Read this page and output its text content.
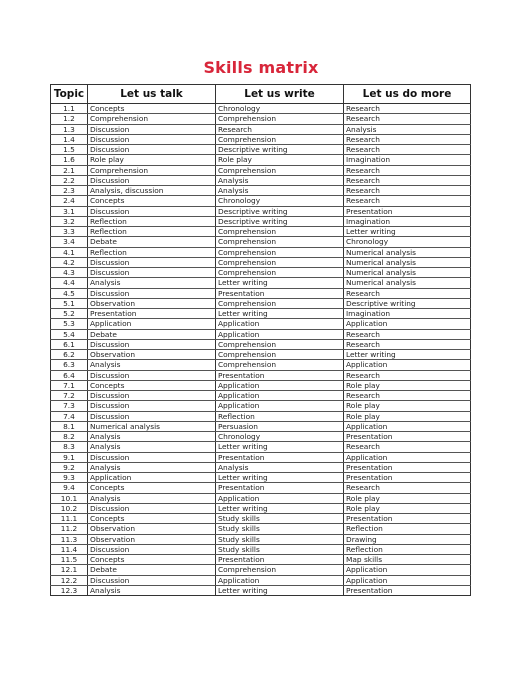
Skills matrix
Topic	Let us talk	Let us write	Let us do more
1.1	Concepts	Chronology	Research
1.2	Comprehension	Comprehension	Research
1.3	Discussion	Research	Analysis
1.4	Discussion	Comprehension	Research
1.5	Discussion	Descriptive writing	Research
1.6	Role play	Role play	Imagination
2.1	Comprehension	Comprehension	Research
2.2	Discussion	Analysis	Research
2.3	Analysis, discussion	Analysis	Research
2.4	Concepts	Chronology	Research
3.1	Discussion	Descriptive writing	Presentation
3.2	Reflection	Descriptive writing	Imagination
3.3	Reflection	Comprehension	Letter writing
3.4	Debate	Comprehension	Chronology
4.1	Reflection	Comprehension	Numerical analysis
4.2	Discussion	Comprehension	Numerical analysis
4.3	Discussion	Comprehension	Numerical analysis
4.4	Analysis	Letter writing	Numerical analysis
4.5	Discussion	Presentation	Research
5.1	Observation	Comprehension	Descriptive writing
5.2	Presentation	Letter writing	Imagination
5.3	Application	Application	Application
5.4	Debate	Application	Research
6.1	Discussion	Comprehension	Research
6.2	Observation	Comprehension	Letter writing
6.3	Analysis	Comprehension	Application
6.4	Discussion	Presentation	Research
7.1	Concepts	Application	Role play
7.2	Discussion	Application	Research
7.3	Discussion	Application	Role play
7.4	Discussion	Reflection	Role play
8.1	Numerical analysis	Persuasion	Application
8.2	Analysis	Chronology	Presentation
8.3	Analysis	Letter writing	Research
9.1	Discussion	Presentation	Application
9.2	Analysis	Analysis	Presentation
9.3	Application	Letter writing	Presentation
9.4	Concepts	Presentation	Research
10.1	Analysis	Application	Role play
10.2	Discussion	Letter writing	Role play
11.1	Concepts	Study skills	Presentation
11.2	Observation	Study skills	Reflection
11.3	Observation	Study skills	Drawing
11.4	Discussion	Study skills	Reflection
11.5	Concepts	Presentation	Map skills
12.1	Debate	Comprehension	Application
12.2	Discussion	Application	Application
12.3	Analysis	Letter writing	Presentation
